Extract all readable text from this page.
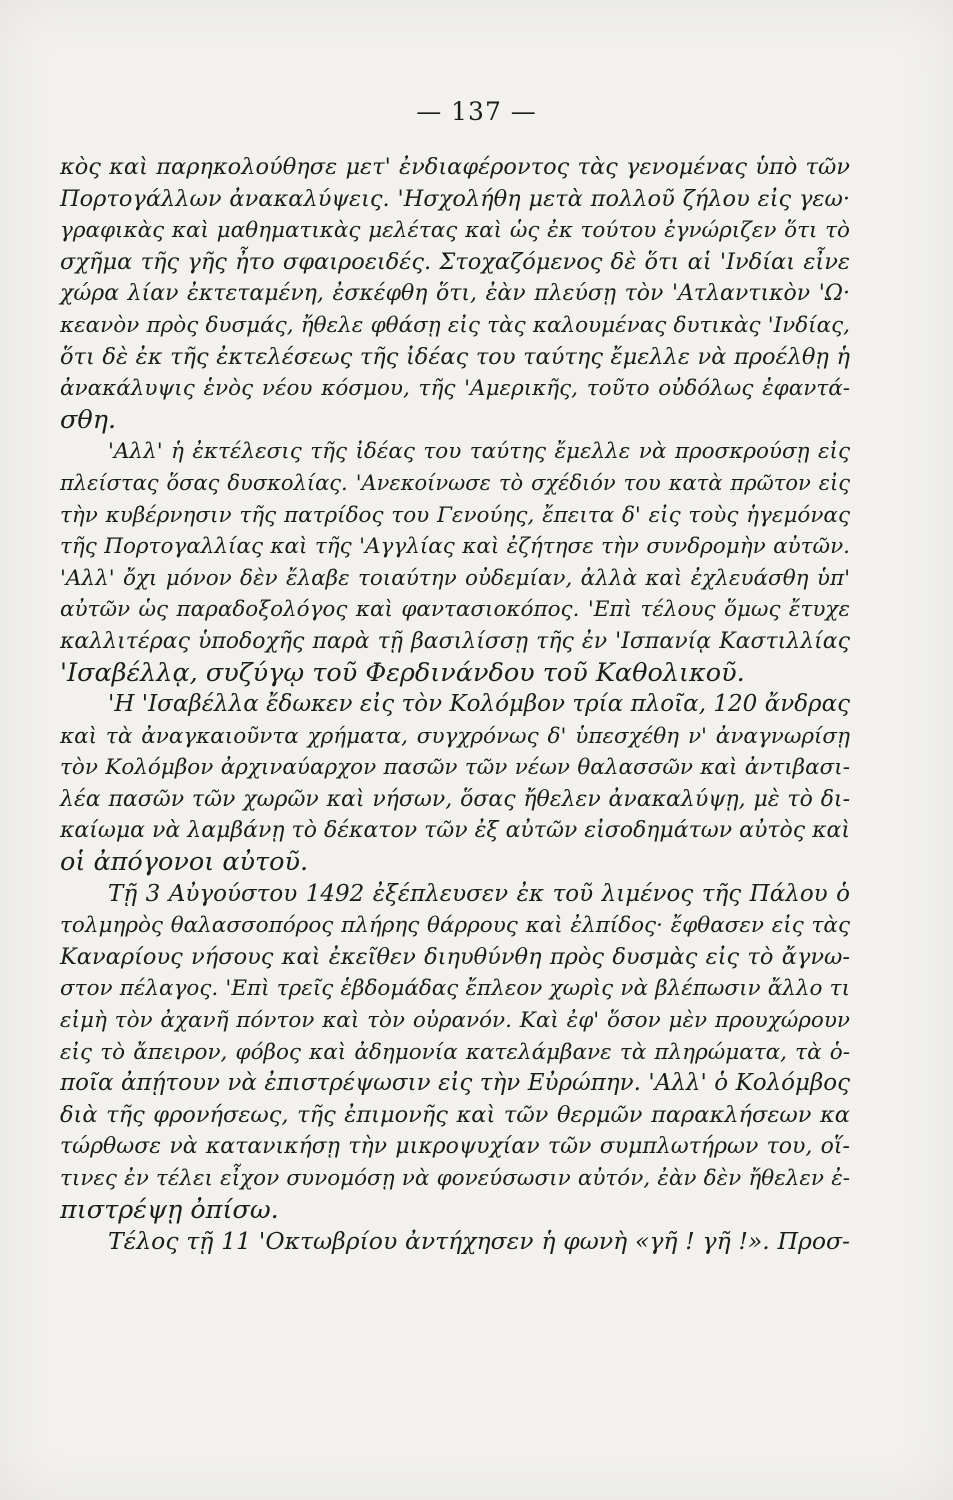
— 137 —
κὸς καὶ παρηκολούθησε μετ' ἐνδιαφέροντος τὰς γενομένας ὑπὸ τῶν
Πορτογάλλων ἀνακαλύψεις. 'Ησχολήθη μετὰ πολλοῦ ζήλου εἰς γεω·
γραφικὰς καὶ μαθηματικὰς μελέτας καὶ ὡς ἐκ τούτου ἐγνώριζεν ὅτι τὸ
σχῆμα τῆς γῆς ἦτο σφαιροειδές. Στοχαζόμενος δὲ ὅτι αἱ 'Ινδίαι εἶνε
χώρα λίαν ἐκτεταμένη, ἐσκέφθη ὅτι, ἐὰν πλεύσῃ τὸν 'Ατλαντικὸν 'Ω·
κεανὸν πρὸς δυσμάς, ἤθελε φθάσῃ εἰς τὰς καλουμένας δυτικὰς 'Ινδίας,
ὅτι δὲ ἐκ τῆς ἐκτελέσεως τῆς ἰδέας του ταύτης ἔμελλε νὰ προέλθῃ ἡ
ἀνακάλυψις ἑνὸς νέου κόσμου, τῆς 'Αμερικῆς, τοῦτο οὐδόλως ἐφαντά-
σθη.
'Αλλ' ἡ ἐκτέλεσις τῆς ἰδέας του ταύτης ἔμελλε νὰ προσκρούσῃ εἰς
πλείστας ὅσας δυσκολίας. 'Ανεκοίνωσε τὸ σχέδιόν του κατὰ πρῶτον εἰς
τὴν κυβέρνησιν τῆς πατρίδος του Γενούης, ἔπειτα δ' εἰς τοὺς ἡγεμόνας
τῆς Πορτογαλλίας καὶ τῆς 'Αγγλίας καὶ ἐζήτησε τὴν συνδρομὴν αὐτῶν.
'Αλλ' ὄχι μόνον δὲν ἔλαβε τοιαύτην οὐδεμίαν, ἀλλὰ καὶ ἐχλευάσθη ὑπ'
αὐτῶν ὡς παραδοξολόγος καὶ φαντασιοκόπος. 'Επὶ τέλους ὅμως ἔτυχε
καλλιτέρας ὑποδοχῆς παρὰ τῇ βασιλίσσῃ τῆς ἐν 'Ισπανίᾳ Καστιλλίας
'Ισαβέλλᾳ, συζύγῳ τοῦ Φερδινάνδου τοῦ Καθολικοῦ.
'Η 'Ισαβέλλα ἔδωκεν εἰς τὸν Κολόμβον τρία πλοῖα, 120 ἄνδρας
καὶ τὰ ἀναγκαιοῦντα χρήματα, συγχρόνως δ' ὑπεσχέθη ν' ἀναγνωρίσῃ
τὸν Κολόμβον ἀρχιναύαρχον πασῶν τῶν νέων θαλασσῶν καὶ ἀντιβασι-
λέα πασῶν τῶν χωρῶν καὶ νήσων, ὅσας ἤθελεν ἀνακαλύψῃ, μὲ τὸ δι-
καίωμα νὰ λαμβάνῃ τὸ δέκατον τῶν ἐξ αὐτῶν εἰσοδημάτων αὐτὸς καὶ
οἱ ἀπόγονοι αὐτοῦ.
Τῇ 3 Αὐγούστου 1492 ἐξέπλευσεν ἐκ τοῦ λιμένος τῆς Πάλου ὁ
τολμηρὸς θαλασσοπόρος πλήρης θάρρους καὶ ἐλπίδος· ἔφθασεν εἰς τὰς
Καναρίους νήσους καὶ ἐκεῖθεν διηυθύνθη πρὸς δυσμὰς εἰς τὸ ἄγνω-
στον πέλαγος. 'Επὶ τρεῖς ἑβδομάδας ἔπλεον χωρὶς νὰ βλέπωσιν ἄλλο τι
εἰμὴ τὸν ἀχανῆ πόντον καὶ τὸν οὐρανόν. Καὶ ἐφ' ὅσον μὲν προυχώρουν
εἰς τὸ ἄπειρον, φόβος καὶ ἀδημονία κατελάμβανε τὰ πληρώματα, τὰ ὁ-
ποῖα ἀπῄτουν νὰ ἐπιστρέψωσιν εἰς τὴν Εὐρώπην. 'Αλλ' ὁ Κολόμβος
διὰ τῆς φρονήσεως, τῆς ἐπιμονῆς καὶ τῶν θερμῶν παρακλήσεων κα
τώρθωσε νὰ κατανικήσῃ τὴν μικροψυχίαν τῶν συμπλωτήρων του, οἵ-
τινες ἐν τέλει εἶχον συνομόσῃ νὰ φονεύσωσιν αὐτόν, ἐὰν δὲν ἤθελεν ἐ-
πιστρέψῃ ὀπίσω.
Τέλος τῇ 11 'Οκτωβρίου ἀντήχησεν ἡ φωνὴ «γῆ ! γῆ !». Προσ-
